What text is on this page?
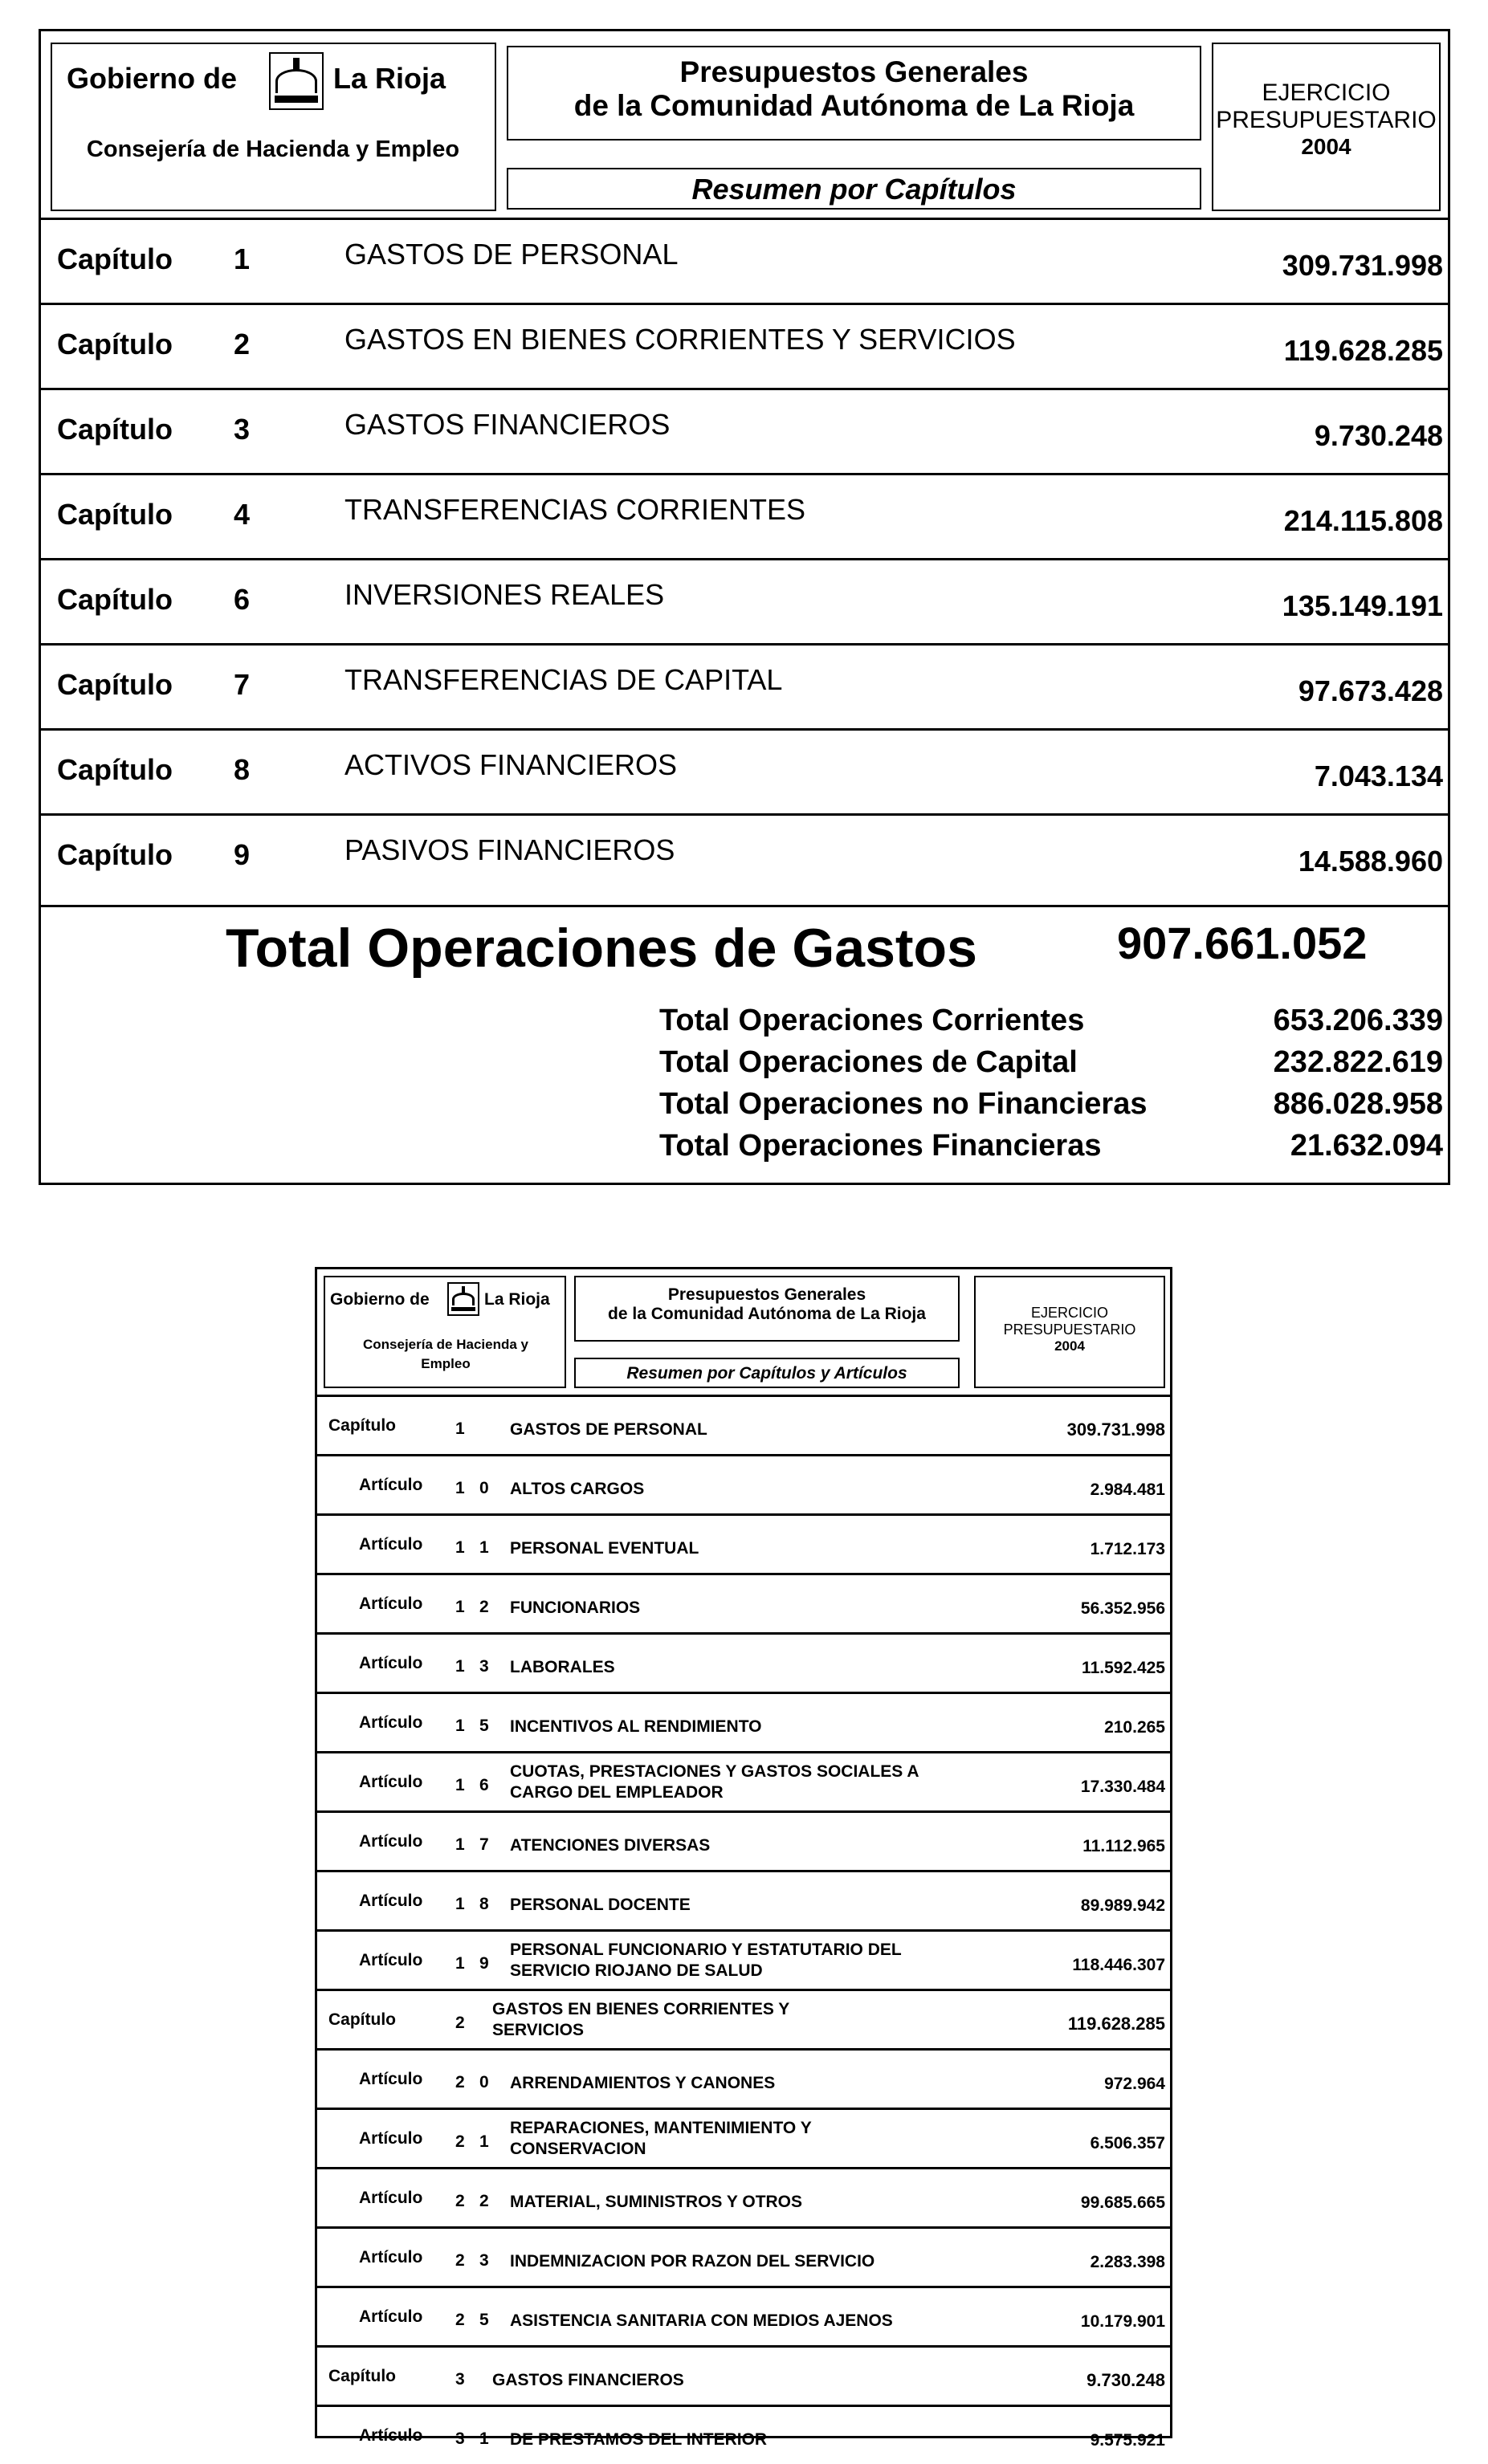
Gobierno de	La Rioja
Consejería de Hacienda y Empleo
Presupuestos Generales
de la Comunidad Autónoma de La Rioja
Resumen por Capítulos
EJERCICIO
PRESUPUESTARIO
2004
Capítulo 1	GASTOS DE PERSONAL	309.731.998
Capítulo 2	GASTOS EN BIENES CORRIENTES Y SERVICIOS	119.628.285
Capítulo 3	GASTOS FINANCIEROS	9.730.248
Capítulo 4	TRANSFERENCIAS CORRIENTES	214.115.808
Capítulo 6	INVERSIONES REALES	135.149.191
Capítulo 7	TRANSFERENCIAS DE CAPITAL	97.673.428
Capítulo 8	ACTIVOS FINANCIEROS	7.043.134
Capítulo 9	PASIVOS FINANCIEROS	14.588.960
Total Operaciones de Gastos	907.661.052
Total Operaciones Corrientes	653.206.339
Total Operaciones de Capital	232.822.619
Total Operaciones no Financieras	886.028.958
Total Operaciones Financieras	21.632.094
Gobierno de	La Rioja
Consejería de Hacienda y Empleo
Presupuestos Generales
de la Comunidad Autónoma de La Rioja
Resumen por Capítulos y Artículos
EJERCICIO
PRESUPUESTARIO
2004
Capítulo	1	GASTOS DE PERSONAL	309.731.998
Artículo 1 0 ALTOS CARGOS	2.984.481
Artículo 1 1 PERSONAL EVENTUAL	1.712.173
Artículo 1 2 FUNCIONARIOS	56.352.956
Artículo 1 3 LABORALES	11.592.425
Artículo 1 5 INCENTIVOS AL RENDIMIENTO	210.265
Artículo 1 6
CUOTAS, PRESTACIONES Y GASTOS SOCIALES A CARGO DEL EMPLEADOR	17.330.484
Artículo 1 7 ATENCIONES DIVERSAS	11.112.965
Artículo 1 8 PERSONAL DOCENTE	89.989.942
Artículo 1 9
PERSONAL FUNCIONARIO Y ESTATUTARIO DEL SERVICIO RIOJANO DE SALUD	118.446.307
Capítulo	2
GASTOS EN BIENES CORRIENTES Y SERVICIOS	119.628.285
Artículo 2 0 ARRENDAMIENTOS Y CANONES	972.964
Artículo 2 1
REPARACIONES, MANTENIMIENTO Y CONSERVACION	6.506.357
Artículo 2 2 MATERIAL, SUMINISTROS Y OTROS	99.685.665
Artículo 2 3 INDEMNIZACION POR RAZON DEL SERVICIO	2.283.398
Artículo 2 5 ASISTENCIA SANITARIA CON MEDIOS AJENOS	10.179.901
Capítulo	3 GASTOS FINANCIEROS	9.730.248
Artículo 3 1 DE PRESTAMOS DEL INTERIOR	9.575.921
